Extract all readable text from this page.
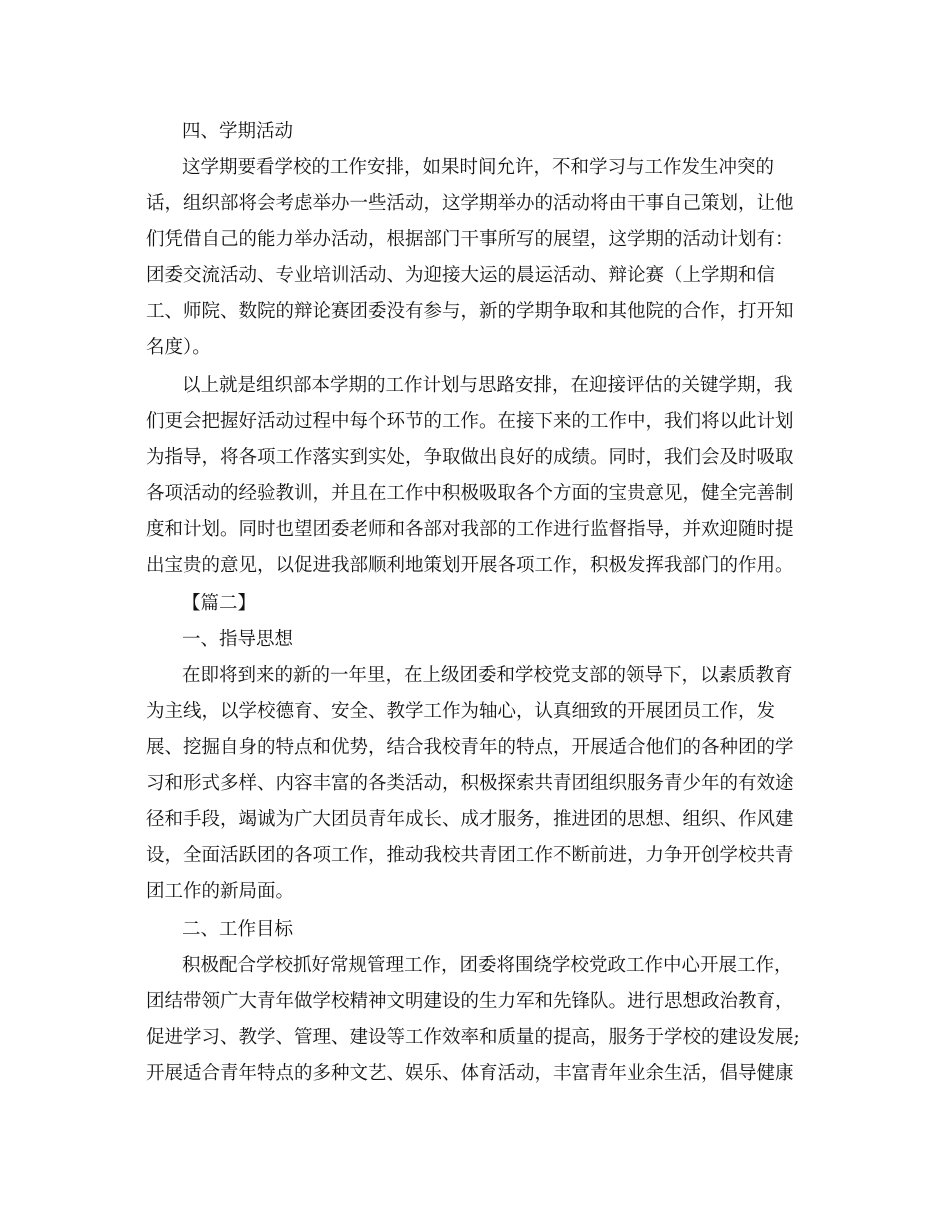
四、学期活动
这学期要看学校的工作安排，如果时间允许，不和学习与工作发生冲突的
话，组织部将会考虑举办一些活动，这学期举办的活动将由干事自己策划，让他
们凭借自己的能力举办活动，根据部门干事所写的展望，这学期的活动计划有：
团委交流活动、专业培训活动、为迎接大运的晨运活动、辩论赛（上学期和信
工、师院、数院的辩论赛团委没有参与，新的学期争取和其他院的合作，打开知
名度）。
以上就是组织部本学期的工作计划与思路安排，在迎接评估的关键学期，我
们更会把握好活动过程中每个环节的工作。在接下来的工作中，我们将以此计划
为指导，将各项工作落实到实处，争取做出良好的成绩。同时，我们会及时吸取
各项活动的经验教训，并且在工作中积极吸取各个方面的宝贵意见，健全完善制
度和计划。同时也望团委老师和各部对我部的工作进行监督指导，并欢迎随时提
出宝贵的意见，以促进我部顺利地策划开展各项工作，积极发挥我部门的作用。
【篇二】
一、指导思想
在即将到来的新的一年里，在上级团委和学校党支部的领导下，以素质教育
为主线，以学校德育、安全、教学工作为轴心，认真细致的开展团员工作，发
展、挖掘自身的特点和优势，结合我校青年的特点，开展适合他们的各种团的学
习和形式多样、内容丰富的各类活动，积极探索共青团组织服务青少年的有效途
径和手段，竭诚为广大团员青年成长、成才服务，推进团的思想、组织、作风建
设，全面活跃团的各项工作，推动我校共青团工作不断前进，力争开创学校共青
团工作的新局面。
二、工作目标
积极配合学校抓好常规管理工作，团委将围绕学校党政工作中心开展工作，
团结带领广大青年做学校精神文明建设的生力军和先锋队。进行思想政治教育，
促进学习、教学、管理、建设等工作效率和质量的提高，服务于学校的建设发展;
开展适合青年特点的多种文艺、娱乐、体育活动，丰富青年业余生活，倡导健康
